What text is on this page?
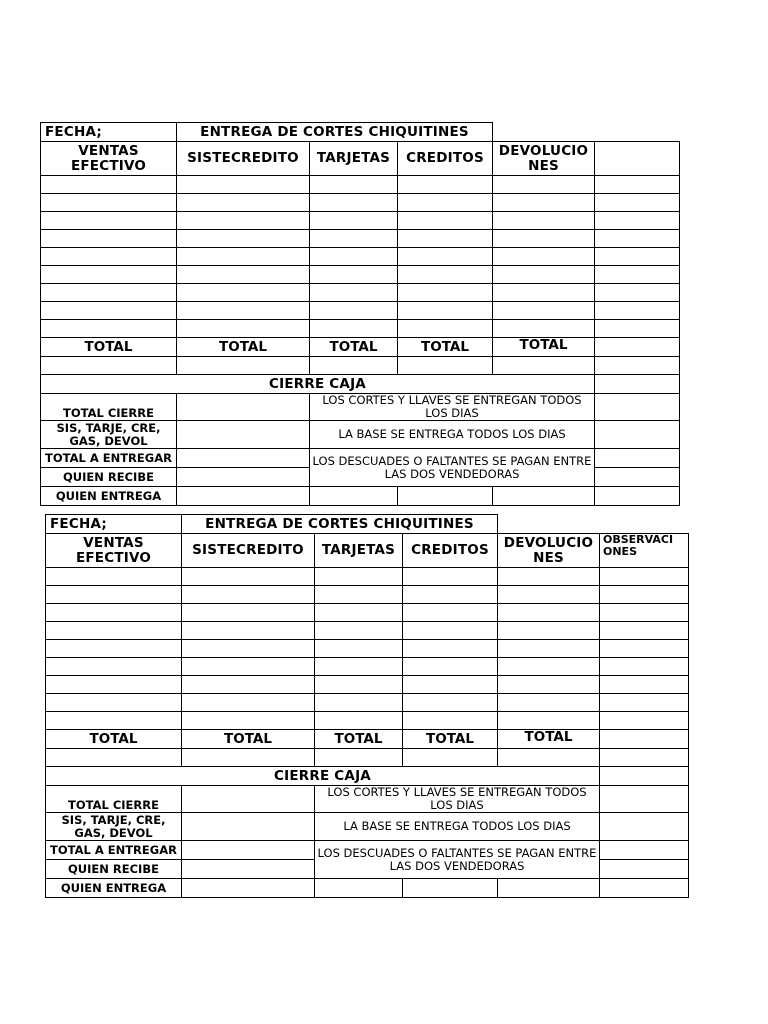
FECHA;	ENTREGA DE CORTES CHIQUITINES				
VENTAS EFECTIVO	SISTECREDITO	TARJETAS	CREDITOS	DEVOLUCIO NES	

TOTAL	TOTAL	TOTAL	TOTAL	TOTAL	

CIERRE CAJA					
TOTAL CIERRE		LOS CORTES Y LLAVES SE ENTREGAN TODOS LOS DIAS			
SIS, TARJE, CRE, GAS, DEVOL		LA BASE SE ENTREGA TODOS LOS DIAS			
TOTAL A ENTREGAR		LOS DESCUADES O FALTANTES SE PAGAN ENTRE LAS DOS VENDEDORAS			
QUIEN RECIBE					
QUIEN ENTREGA					
FECHA;	ENTREGA DE CORTES CHIQUITINES				
VENTAS EFECTIVO	SISTECREDITO	TARJETAS	CREDITOS	DEVOLUCIO NES	OBSERVACI ONES

TOTAL	TOTAL	TOTAL	TOTAL	TOTAL	

CIERRE CAJA					
TOTAL CIERRE		LOS CORTES Y LLAVES SE ENTREGAN TODOS LOS DIAS			
SIS, TARJE, CRE, GAS, DEVOL		LA BASE SE ENTREGA TODOS LOS DIAS			
TOTAL A ENTREGAR		LOS DESCUADES O FALTANTES SE PAGAN ENTRE LAS DOS VENDEDORAS			
QUIEN RECIBE					
QUIEN ENTREGA					
